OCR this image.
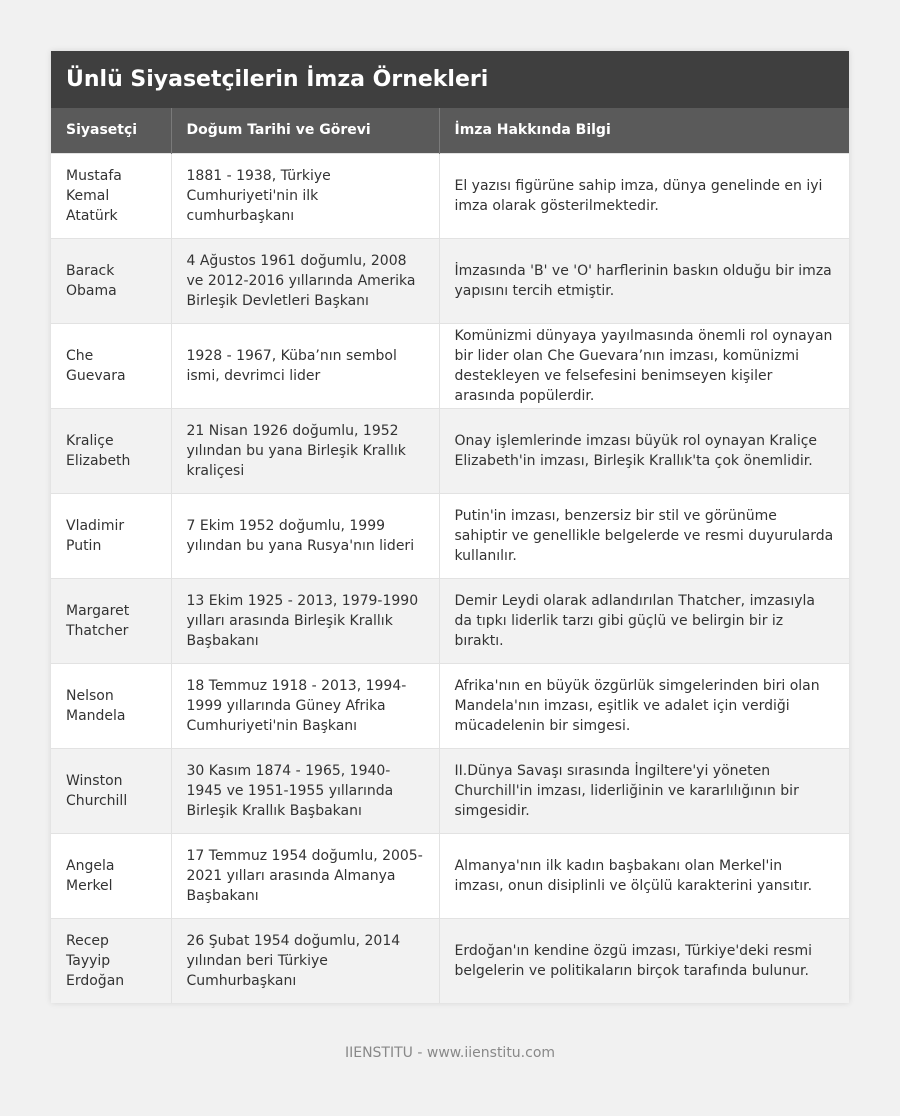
Ünlü Siyasetçilerin İmza Örnekleri
Siyasetçi	Doğum Tarihi ve Görevi	İmza Hakkında Bilgi
Mustafa Kemal Atatürk	1881 - 1938, Türkiye Cumhuriyeti'nin ilk cumhurbaşkanı	El yazısı figürüne sahip imza, dünya genelinde en iyi imza olarak gösterilmektedir.
Barack Obama	4 Ağustos 1961 doğumlu, 2008 ve 2012-2016 yıllarında Amerika Birleşik Devletleri Başkanı	İmzasında 'B' ve 'O' harflerinin baskın olduğu bir imza yapısını tercih etmiştir.
Che Guevara	1928 - 1967, Küba’nın sembol ismi, devrimci lider	Komünizmi dünyaya yayılmasında önemli rol oynayan bir lider olan Che Guevara’nın imzası, komünizmi destekleyen ve felsefesini benimseyen kişiler arasında popülerdir.
Kraliçe Elizabeth	21 Nisan 1926 doğumlu, 1952 yılından bu yana Birleşik Krallık kraliçesi	Onay işlemlerinde imzası büyük rol oynayan Kraliçe Elizabeth'in imzası, Birleşik Krallık'ta çok önemlidir.
Vladimir Putin	7 Ekim 1952 doğumlu, 1999 yılından bu yana Rusya'nın lideri	Putin'in imzası, benzersiz bir stil ve görünüme sahiptir ve genellikle belgelerde ve resmi duyurularda kullanılır.
Margaret Thatcher	13 Ekim 1925 - 2013, 1979-1990 yılları arasında Birleşik Krallık Başbakanı	Demir Leydi olarak adlandırılan Thatcher, imzasıyla da tıpkı liderlik tarzı gibi güçlü ve belirgin bir iz bıraktı.
Nelson Mandela	18 Temmuz 1918 - 2013, 1994-1999 yıllarında Güney Afrika Cumhuriyeti'nin Başkanı	Afrika'nın en büyük özgürlük simgelerinden biri olan Mandela'nın imzası, eşitlik ve adalet için verdiği mücadelenin bir simgesi.
Winston Churchill	30 Kasım 1874 - 1965, 1940-1945 ve 1951-1955 yıllarında Birleşik Krallık Başbakanı	II.Dünya Savaşı sırasında İngiltere'yi yöneten Churchill'in imzası, liderliğinin ve kararlılığının bir simgesidir.
Angela Merkel	17 Temmuz 1954 doğumlu, 2005-2021 yılları arasında Almanya Başbakanı	Almanya'nın ilk kadın başbakanı olan Merkel'in imzası, onun disiplinli ve ölçülü karakterini yansıtır.
Recep Tayyip Erdoğan	26 Şubat 1954 doğumlu, 2014 yılından beri Türkiye Cumhurbaşkanı	Erdoğan'ın kendine özgü imzası, Türkiye'deki resmi belgelerin ve politikaların birçok tarafında bulunur.
IIENSTITU - www.iienstitu.com
